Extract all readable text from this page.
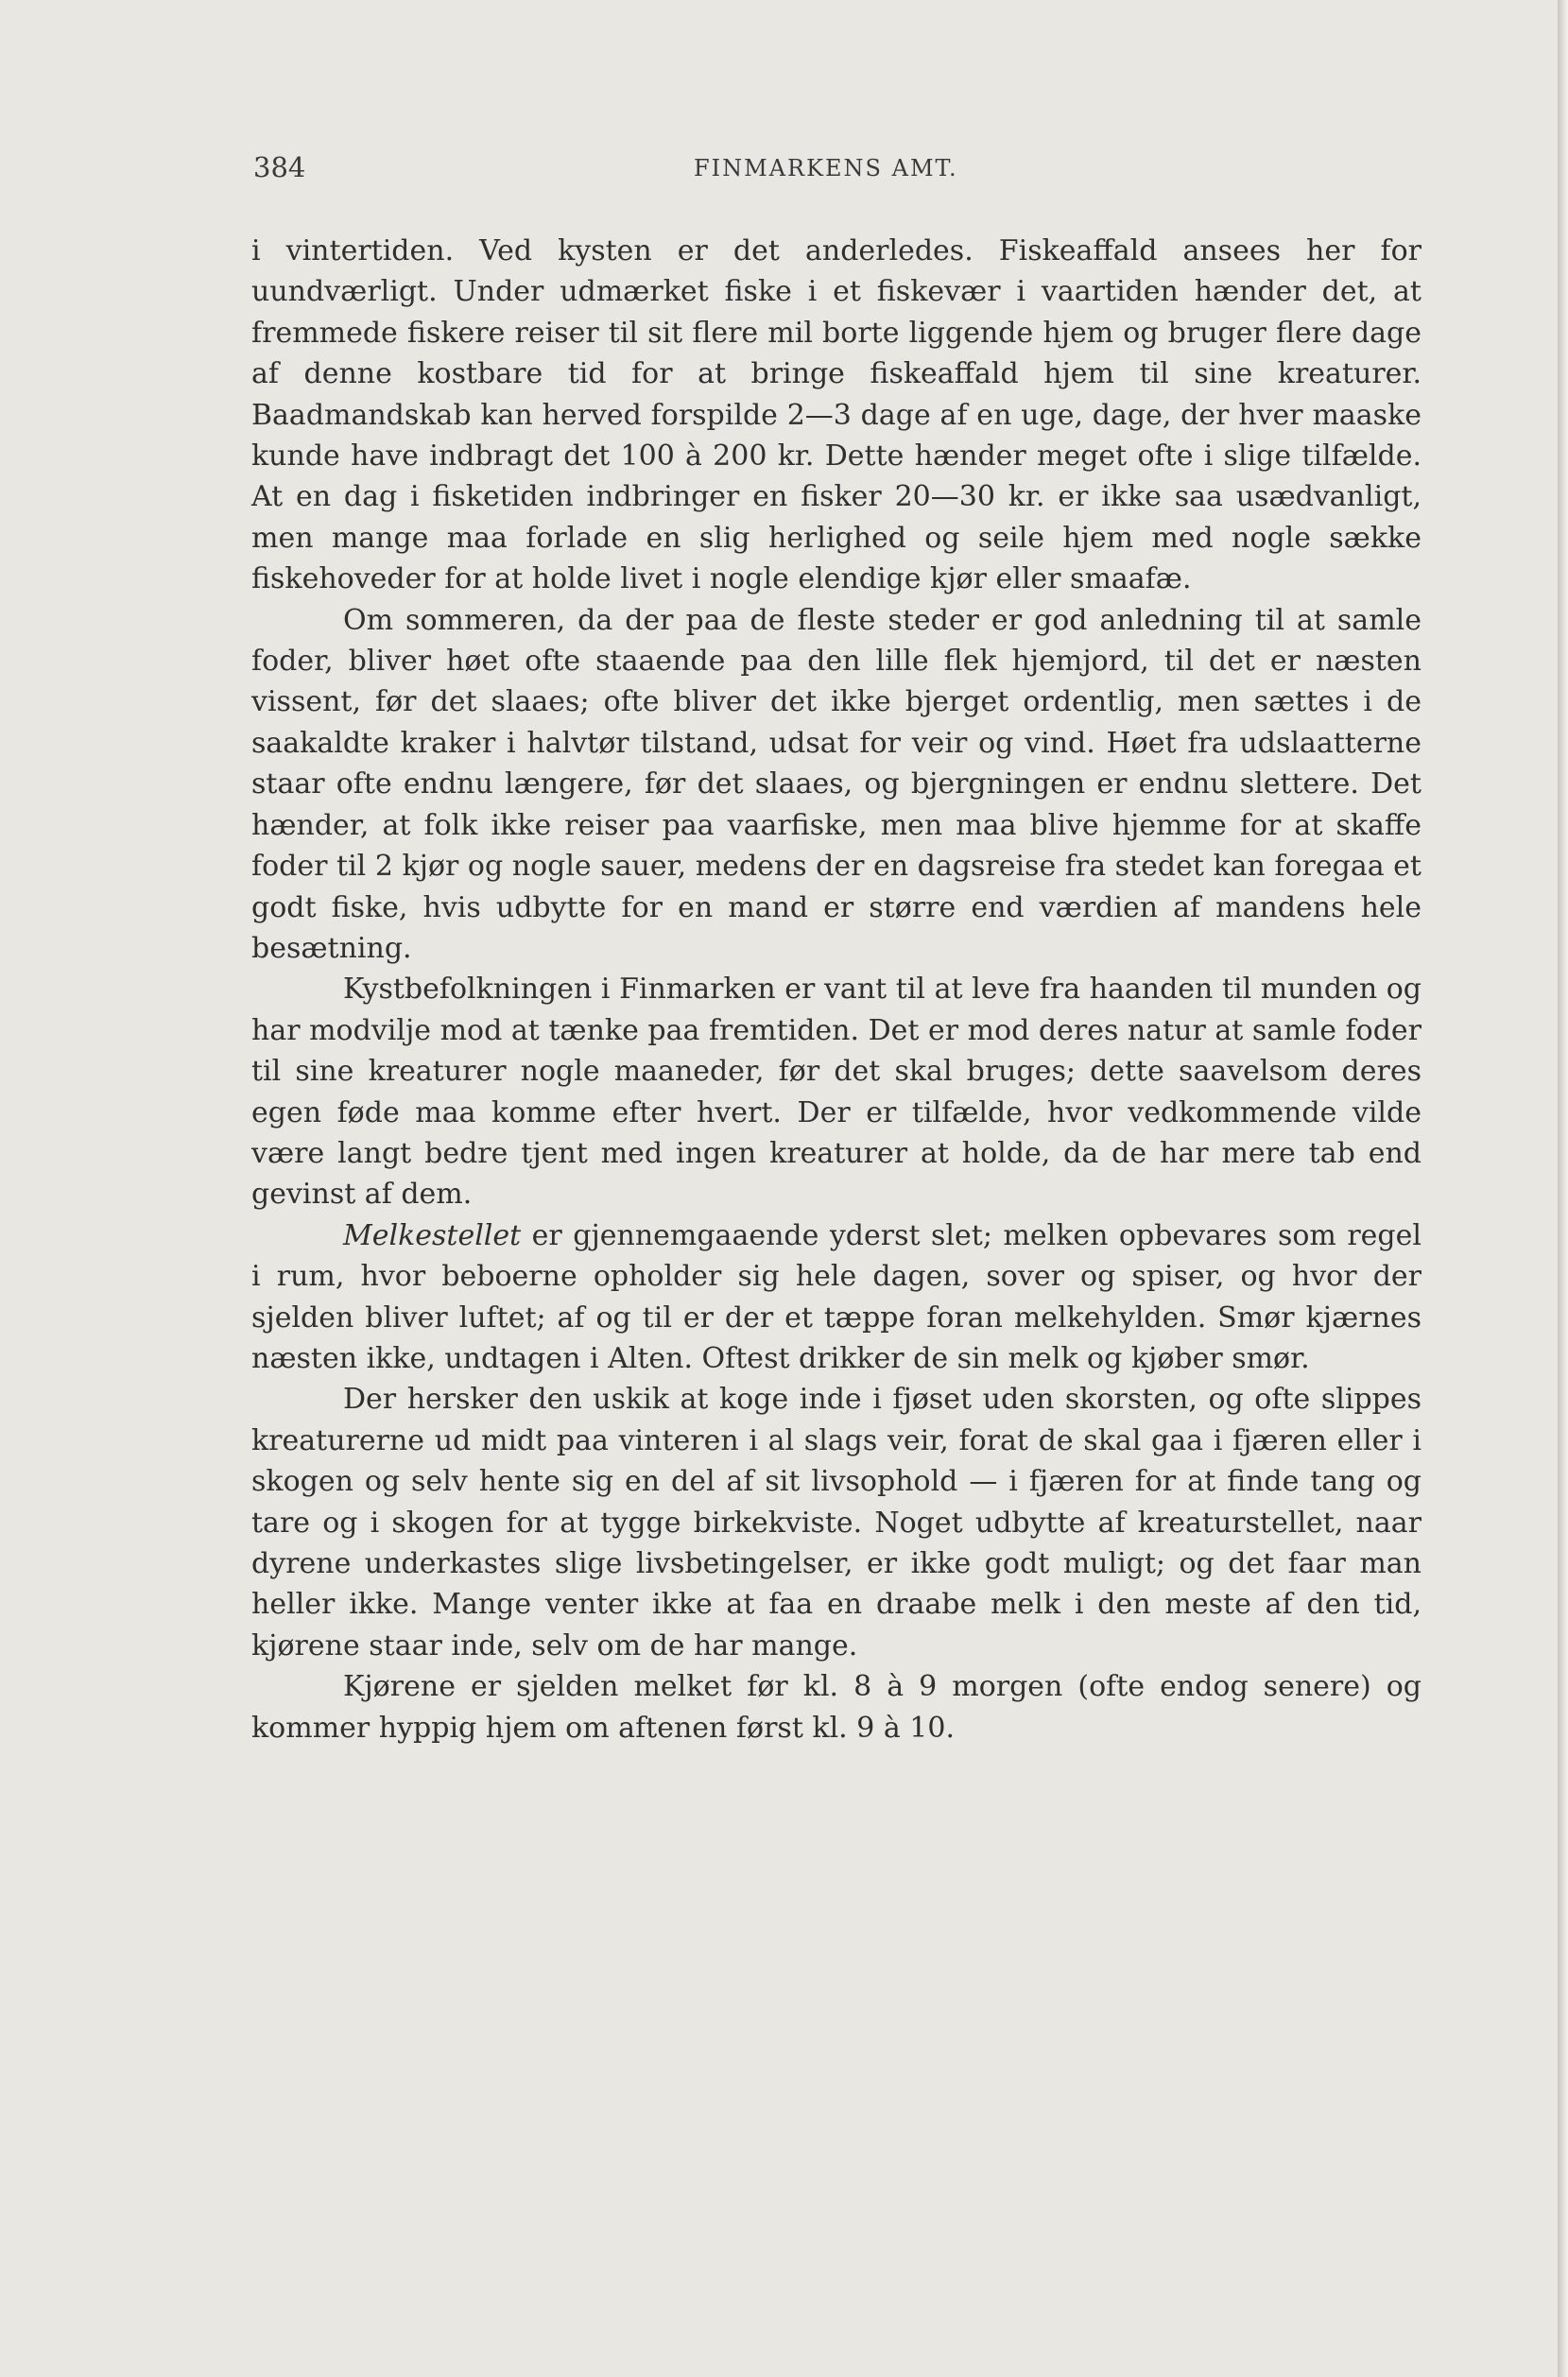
384	FINMARKENS AMT.

i vintertiden. Ved kysten er det anderledes. Fiskeaffald ansees her for uundværligt. Under udmærket fiske i et fiskevær i vaartiden hænder det, at fremmede fiskere reiser til sit flere mil borte liggende hjem og bruger flere dage af denne kostbare tid for at bringe fiskeaffald hjem til sine kreaturer. Baadmandskab kan herved forspilde 2—3 dage af en uge, dage, der hver maaske kunde have indbragt det 100 à 200 kr. Dette hænder meget ofte i slige tilfælde. At en dag i fisketiden indbringer en fisker 20—30 kr. er ikke saa usædvanligt, men mange maa forlade en slig herlighed og seile hjem med nogle sække fiskehoveder for at holde livet i nogle elendige kjør eller smaafæ.

Om sommeren, da der paa de fleste steder er god anledning til at samle foder, bliver høet ofte staaende paa den lille flek hjemjord, til det er næsten vissent, før det slaaes; ofte bliver det ikke bjerget ordentlig, men sættes i de saakaldte kraker i halvtør tilstand, udsat for veir og vind. Høet fra udslaatterne staar ofte endnu længere, før det slaaes, og bjergningen er endnu slettere. Det hænder, at folk ikke reiser paa vaarfiske, men maa blive hjemme for at skaffe foder til 2 kjør og nogle sauer, medens der en dagsreise fra stedet kan foregaa et godt fiske, hvis udbytte for en mand er større end værdien af mandens hele besætning.

Kystbefolkningen i Finmarken er vant til at leve fra haanden til munden og har modvilje mod at tænke paa fremtiden. Det er mod deres natur at samle foder til sine kreaturer nogle maaneder, før det skal bruges; dette saavelsom deres egen føde maa komme efter hvert. Der er tilfælde, hvor vedkommende vilde være langt bedre tjent med ingen kreaturer at holde, da de har mere tab end gevinst af dem.

Melkestellet er gjennemgaaende yderst slet; melken opbevares som regel i rum, hvor beboerne opholder sig hele dagen, sover og spiser, og hvor der sjelden bliver luftet; af og til er der et tæppe foran melkehylden. Smør kjærnes næsten ikke, undtagen i Alten. Oftest drikker de sin melk og kjøber smør.

Der hersker den uskik at koge inde i fjøset uden skorsten, og ofte slippes kreaturerne ud midt paa vinteren i al slags veir, forat de skal gaa i fjæren eller i skogen og selv hente sig en del af sit livsophold — i fjæren for at finde tang og tare og i skogen for at tygge birkekviste. Noget udbytte af kreaturstellet, naar dyrene underkastes slige livsbetingelser, er ikke godt muligt; og det faar man heller ikke. Mange venter ikke at faa en draabe melk i den meste af den tid, kjørene staar inde, selv om de har mange.

Kjørene er sjelden melket før kl. 8 à 9 morgen (ofte endog senere) og kommer hyppig hjem om aftenen først kl. 9 à 10.
